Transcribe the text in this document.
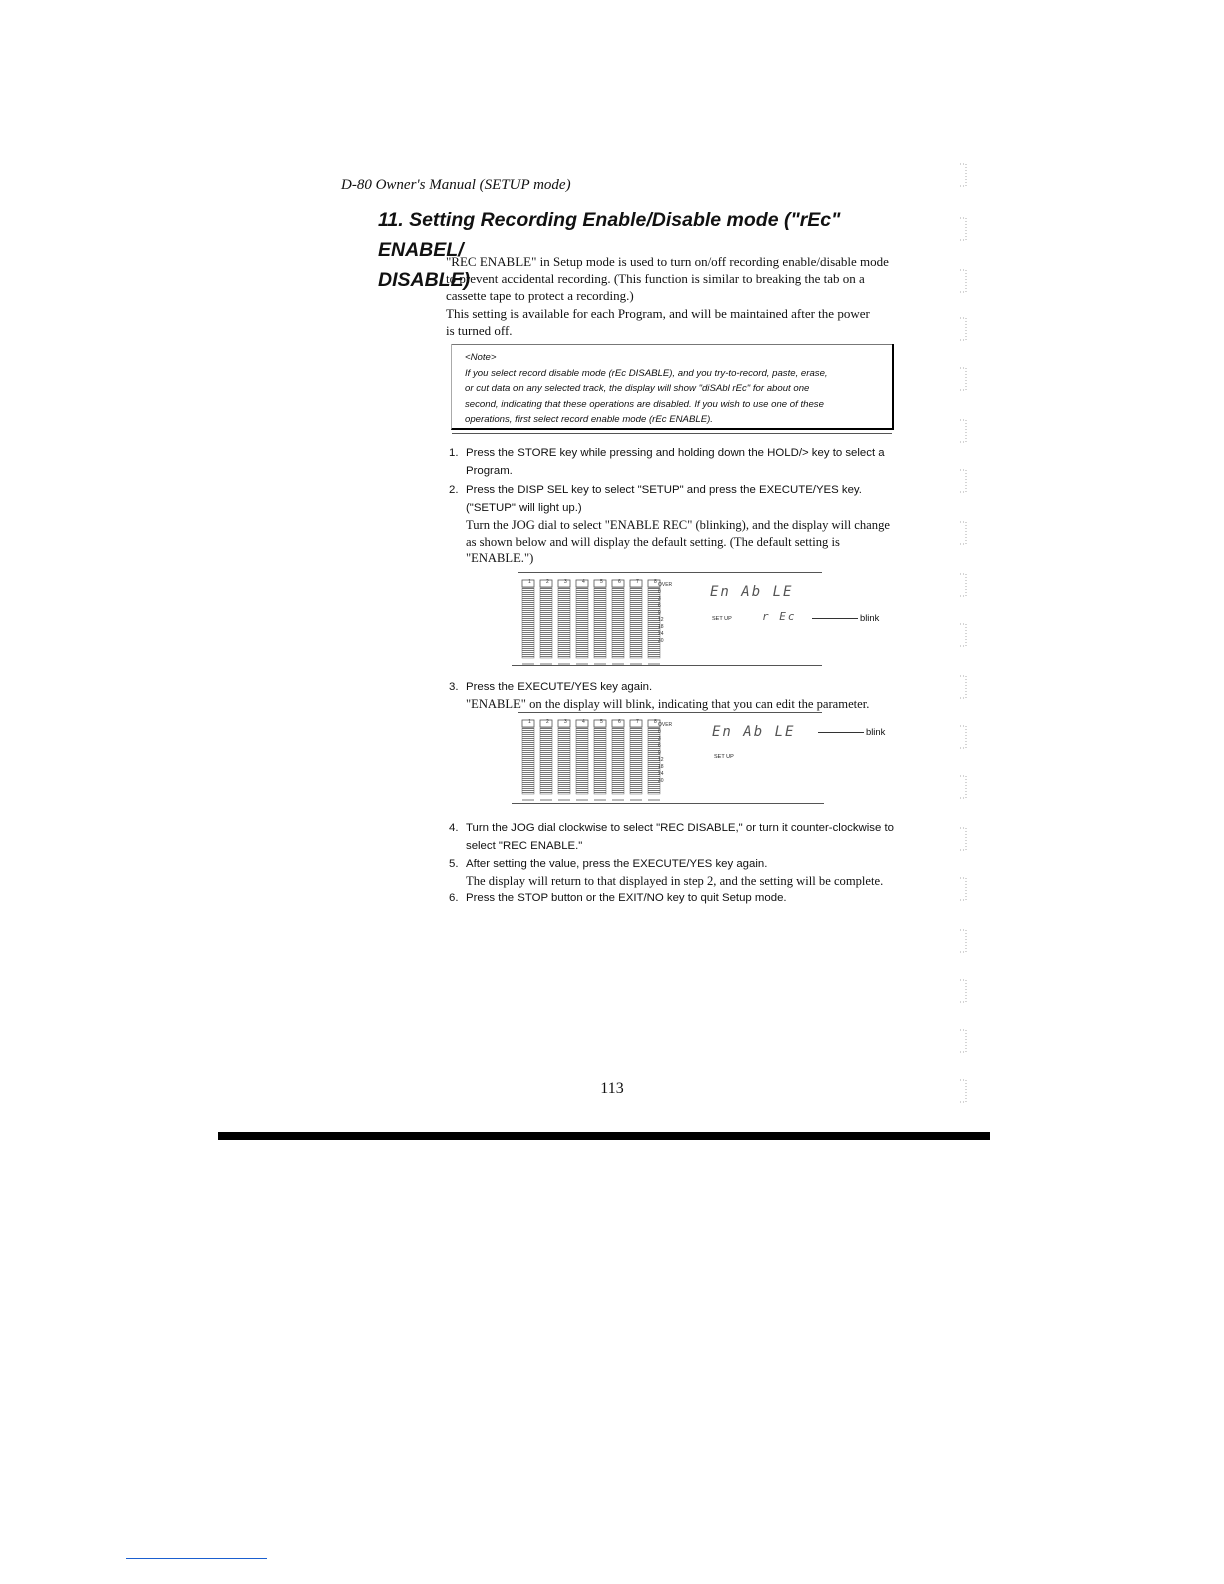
D-80 Owner's Manual (SETUP mode)
11. Setting Recording Enable/Disable mode ("rEc" ENABEL/
DISABLE)
"REC ENABLE" in Setup mode is used to turn on/off recording enable/disable mode
to prevent accidental recording. (This function is similar to breaking the tab on a
cassette tape to protect a recording.)
This setting is available for each Program, and will be maintained after the power
is turned off.
<Note>
If you select record disable mode (rEc DISABLE), and you try-to-record, paste, erase,
or cut data on any selected track, the display will show "diSAbl rEc" for about one
second, indicating that these operations are disabled. If you wish to use one of these
operations, first select record enable mode (rEc ENABLE).
1. Press the STORE key while pressing and holding down the HOLD/> key to select a
Program.
2. Press the DISP SEL key to select "SETUP" and press the EXECUTE/YES key.
("SETUP" will light up.)
Turn the JOG dial to select "ENABLE REC" (blinking), and the display will change
as shown below and will display the default setting. (The default setting is
"ENABLE.")
OVER
0
3
6
9
12
18
24
30
1	2	3	4	5	6	7	8
En Ab LE
SET UP	r Ec	blink
3. Press the EXECUTE/YES key again.
"ENABLE" on the display will blink, indicating that you can edit the parameter.
OVER
0
3
6
9
12
18
24
30
1	2	3	4	5	6	7	8
En Ab LE
SET UP
blink
4. Turn the JOG dial clockwise to select "REC DISABLE," or turn it counter-clockwise to
select "REC ENABLE."
5. After setting the value, press the EXECUTE/YES key again.
The display will return to that displayed in step 2, and the setting will be complete.
6. Press the STOP button or the EXIT/NO key to quit Setup mode.
113
